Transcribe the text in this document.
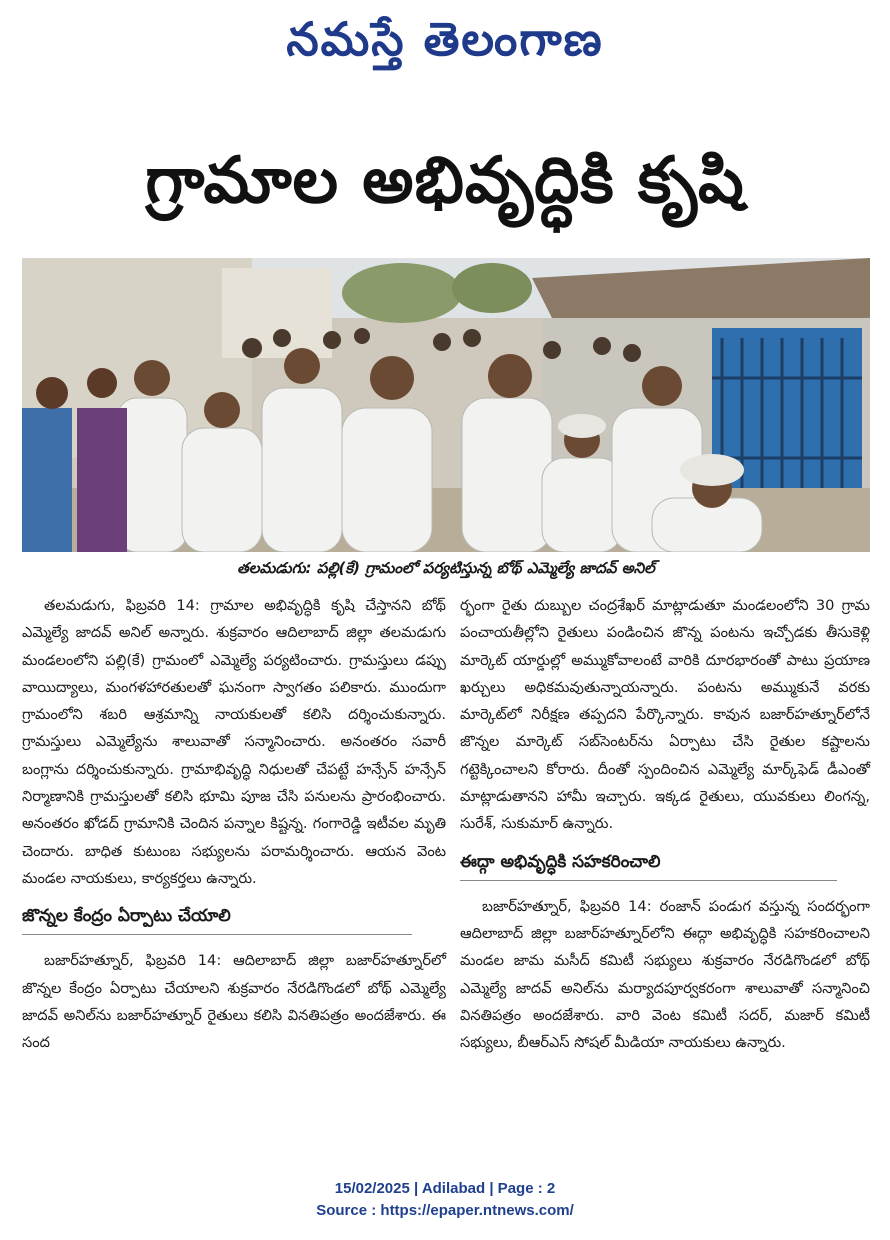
నమస్తే తెలంగాణ
గ్రామాల అభివృద్ధికి కృషి
తలమడుగు: పల్లి(కే) గ్రామంలో పర్యటిస్తున్న బోథ్ ఎమ్మెల్యే జాదవ్ అనిల్

తలమడుగు, ఫిబ్రవరి 14: గ్రామాల అభివృద్ధికి కృషి చేస్తానని బోథ్ ఎమ్మెల్యే జాదవ్ అనిల్ అన్నారు. శుక్రవారం ఆదిలాబాద్ జిల్లా తలమడుగు మండలంలోని పల్లి(కే) గ్రామంలో ఎమ్మెల్యే పర్యటించారు. గ్రామస్తులు డప్పు వాయిద్యాలు, మంగళహారతులతో ఘనంగా స్వాగతం పలికారు. ముందుగా గ్రామంలోని శబరి ఆశ్రమాన్ని నాయకులతో కలిసి దర్శించుకున్నారు. గ్రామస్తులు ఎమ్మెల్యేను శాలువాతో సన్మానించారు. అనంతరం సవారీ బంగ్లాను దర్శించుకున్నారు. గ్రామాభివృద్ధి నిధులతో చేపట్టే హన్సేన్ హన్సేన్ నిర్మాణానికి గ్రామస్తులతో కలిసి భూమి పూజ చేసి పనులను ప్రారంభించారు. అనంతరం ఖోడద్ గ్రామానికి చెందిన పన్నాల కిష్టన్న. గంగారెడ్డి ఇటీవల మృతి చెందారు. బాధిత కుటుంబ సభ్యులను పరామర్శించారు. ఆయన వెంట మండల నాయకులు, కార్యకర్తలు ఉన్నారు.

జొన్నల కేంద్రం ఏర్పాటు చేయాలి

బజార్‌హత్నూర్, ఫిబ్రవరి 14: ఆదిలాబాద్ జిల్లా బజార్‌హత్నూర్‌లో జొన్నల కేంద్రం ఏర్పాటు చేయాలని శుక్రవారం నేరడిగొండలో బోథ్ ఎమ్మెల్యే జాదవ్ అనిల్‌ను బజార్‌హత్నూర్ రైతులు కలిసి వినతిపత్రం అందజేశారు. ఈ సంద

ర్భంగా రైతు దుబ్బుల చంద్రశేఖర్ మాట్లాడుతూ మండలంలోని 30 గ్రామ పంచాయతీల్లోని రైతులు పండించిన జొన్న పంటను ఇచ్చోడకు తీసుకెళ్లి మార్కెట్ యార్డుల్లో అమ్ముకోవాలంటే వారికి దూరభారంతో పాటు ప్రయాణ ఖర్చులు అధికమవుతున్నాయన్నారు. పంటను అమ్ముకునే వరకు మార్కెట్‌లో నిరీక్షణ తప్పదని పేర్కొన్నారు. కావున బజార్‌హత్నూర్‌లోనే జొన్నల మార్కెట్ సబ్‌సెంటర్‌ను ఏర్పాటు చేసి రైతుల కష్టాలను గట్టెక్కించాలని కోరారు. దీంతో స్పందించిన ఎమ్మెల్యే మార్క్‌ఫెడ్ డీఎంతో మాట్లాడుతానని హామీ ఇచ్చారు. ఇక్కడ రైతులు, యువకులు లింగన్న, సురేశ్, సుకుమార్ ఉన్నారు.

ఈద్గా అభివృద్ధికి సహకరించాలి

బజార్‌హత్నూర్, ఫిబ్రవరి 14: రంజాన్ పండుగ వస్తున్న సందర్భంగా ఆదిలాబాద్ జిల్లా బజార్‌హత్నూర్‌లోని ఈద్గా అభివృద్ధికి సహకరించాలని మండల జామ మసీద్ కమిటీ సభ్యులు శుక్రవారం నేరడిగొండలో బోథ్ ఎమ్మెల్యే జాదవ్ అనిల్‌ను మర్యాదపూర్వకరంగా శాలువాతో సన్మానించి వినతిపత్రం అందజేశారు. వారి వెంట కమిటీ సదర్, మజార్ కమిటీ సభ్యులు, బీఆర్ఎస్ సోషల్ మీడియా నాయకులు ఉన్నారు.

15/02/2025 | Adilabad | Page : 2
Source : https://epaper.ntnews.com/
